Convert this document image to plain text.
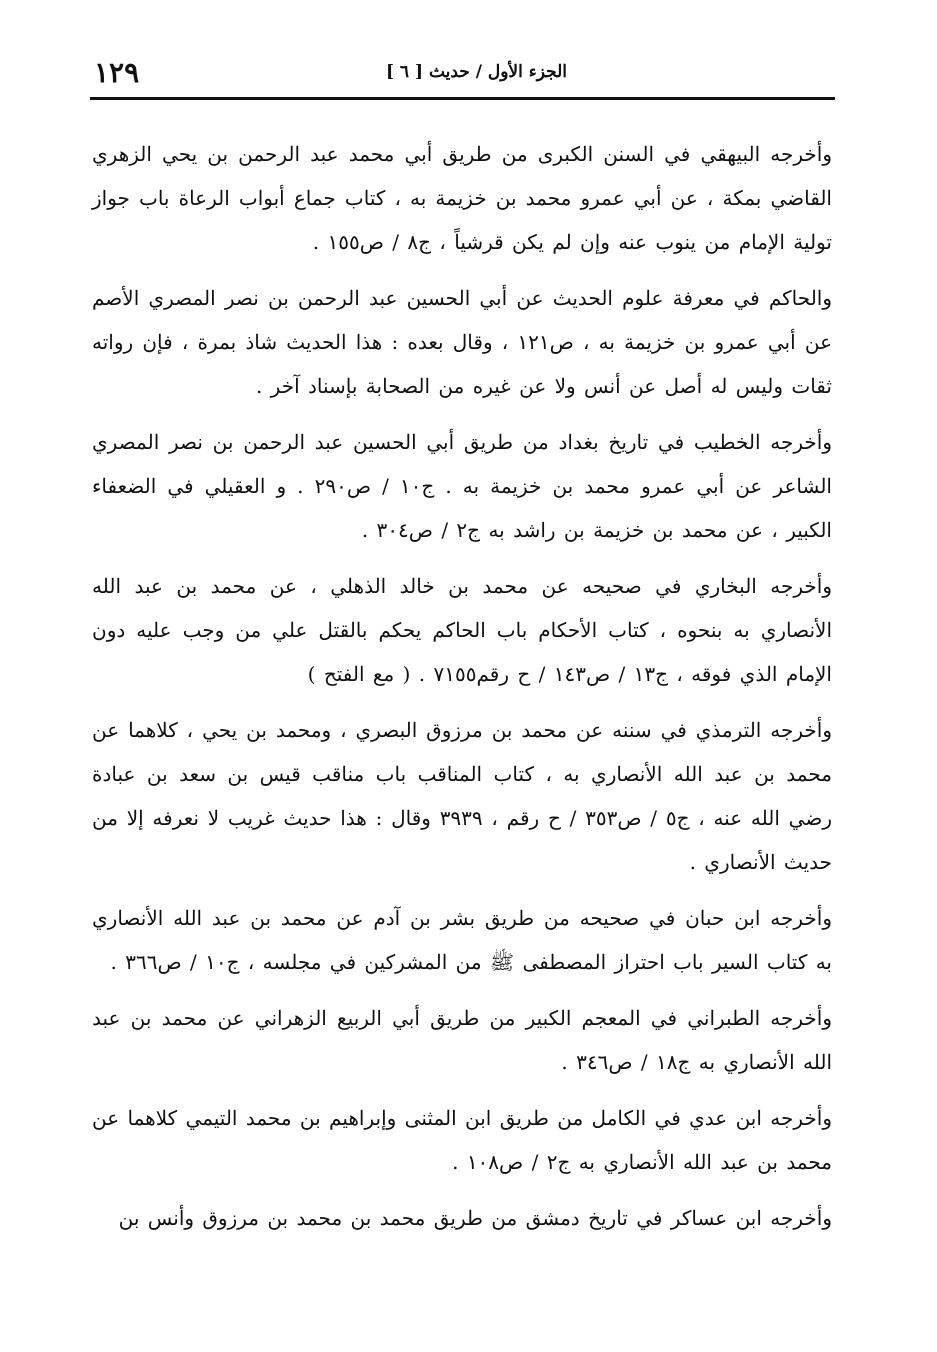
الجزء الأول / حديث [ ٦ ]
١٢٩

وأخرجه البيهقي في السنن الكبرى من طريق أبي محمد عبد الرحمن بن يحي الزهري القاضي بمكة ، عن أبي عمرو محمد بن خزيمة به ، كتاب جماع أبواب الرعاة باب جواز تولية الإمام من ينوب عنه وإن لم يكن قرشياً ، ج٨ / ص١٥٥ .

والحاكم في معرفة علوم الحديث عن أبي الحسين عبد الرحمن بن نصر المصري الأصم عن أبي عمرو بن خزيمة به ، ص١٢١ ، وقال بعده : هذا الحديث شاذ بمرة ، فإن رواته ثقات وليس له أصل عن أنس ولا عن غيره من الصحابة بإسناد آخر .

وأخرجه الخطيب في تاريخ بغداد من طريق أبي الحسين عبد الرحمن بن نصر المصري الشاعر عن أبي عمرو محمد بن خزيمة به . ج١٠ / ص٢٩٠ . و العقيلي في الضعفاء الكبير ، عن محمد بن خزيمة بن راشد به ج٢ / ص٣٠٤ .

وأخرجه البخاري في صحيحه عن محمد بن خالد الذهلي ، عن محمد بن عبد الله الأنصاري به بنحوه ، كتاب الأحكام باب الحاكم يحكم بالقتل علي من وجب عليه دون الإمام الذي فوقه ، ج١٣ / ص١٤٣ / ح رقم٧١٥٥ . ( مع الفتح )

وأخرجه الترمذي في سننه عن محمد بن مرزوق البصري ، ومحمد بن يحي ، كلاهما عن محمد بن عبد الله الأنصاري به ، كتاب المناقب باب مناقب قيس بن سعد بن عبادة رضي الله عنه ، ج٥ / ص٣٥٣ / ح رقم ، ٣٩٣٩ وقال : هذا حديث غريب لا نعرفه إلا من حديث الأنصاري .

وأخرجه ابن حبان في صحيحه من طريق بشر بن آدم عن محمد بن عبد الله الأنصاري به كتاب السير باب احتراز المصطفى ﷺ من المشركين في مجلسه ، ج١٠ / ص٣٦٦ .

وأخرجه الطبراني في المعجم الكبير من طريق أبي الربيع الزهراني عن محمد بن عبد الله الأنصاري به ج١٨ / ص٣٤٦ .

وأخرجه ابن عدي في الكامل من طريق ابن المثنى وإبراهيم بن محمد التيمي كلاهما عن محمد بن عبد الله الأنصاري به ج٢ / ص١٠٨ .

وأخرجه ابن عساكر في تاريخ دمشق من طريق محمد بن محمد بن مرزوق وأنس بن
